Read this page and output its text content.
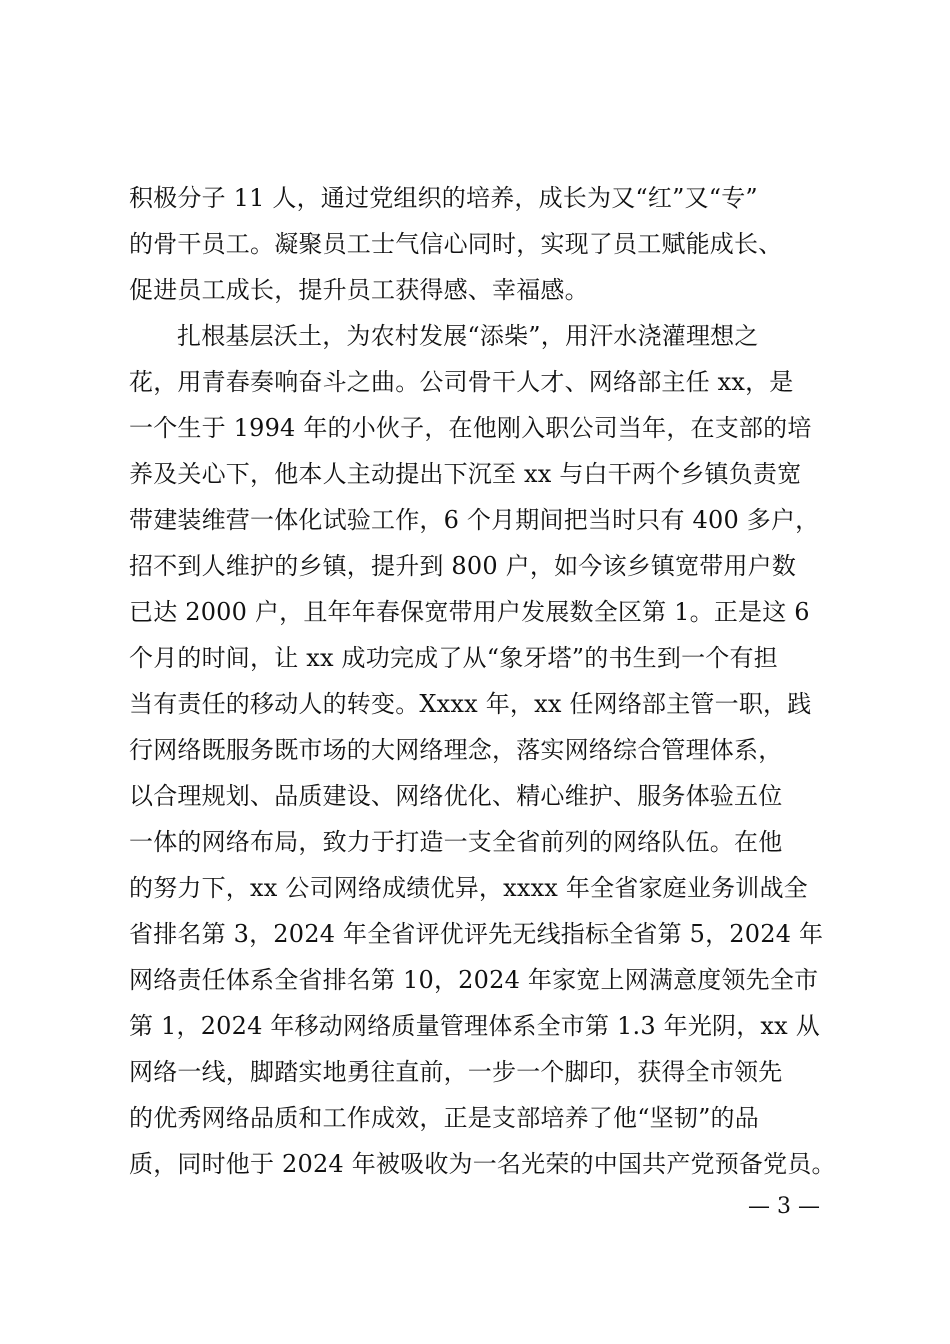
积极分子 11 人，通过党组织的培养，成长为又“红”又“专”
的骨干员工。凝聚员工士气信心同时，实现了员工赋能成长、
促进员工成长，提升员工获得感、幸福感。
扎根基层沃土，为农村发展“添柴”，用汗水浇灌理想之
花，用青春奏响奋斗之曲。公司骨干人才、网络部主任 xx，是
一个生于 1994 年的小伙子，在他刚入职公司当年，在支部的培
养及关心下，他本人主动提出下沉至 xx 与白干两个乡镇负责宽
带建装维营一体化试验工作，6 个月期间把当时只有 400 多户，
招不到人维护的乡镇，提升到 800 户，如今该乡镇宽带用户数
已达 2000 户，且年年春保宽带用户发展数全区第 1。正是这 6
个月的时间，让 xx 成功完成了从“象牙塔”的书生到一个有担
当有责任的移动人的转变。Xxxx 年，xx 任网络部主管一职，践
行网络既服务既市场的大网络理念，落实网络综合管理体系，
以合理规划、品质建设、网络优化、精心维护、服务体验五位
一体的网络布局，致力于打造一支全省前列的网络队伍。在他
的努力下，xx 公司网络成绩优异，xxxx 年全省家庭业务训战全
省排名第 3，2024 年全省评优评先无线指标全省第 5，2024 年
网络责任体系全省排名第 10，2024 年家宽上网满意度领先全市
第 1，2024 年移动网络质量管理体系全市第 1.3 年光阴，xx 从
网络一线，脚踏实地勇往直前，一步一个脚印，获得全市领先
的优秀网络品质和工作成效，正是支部培养了他“坚韧”的品
质，同时他于 2024 年被吸收为一名光荣的中国共产党预备党员。
— 3 —
